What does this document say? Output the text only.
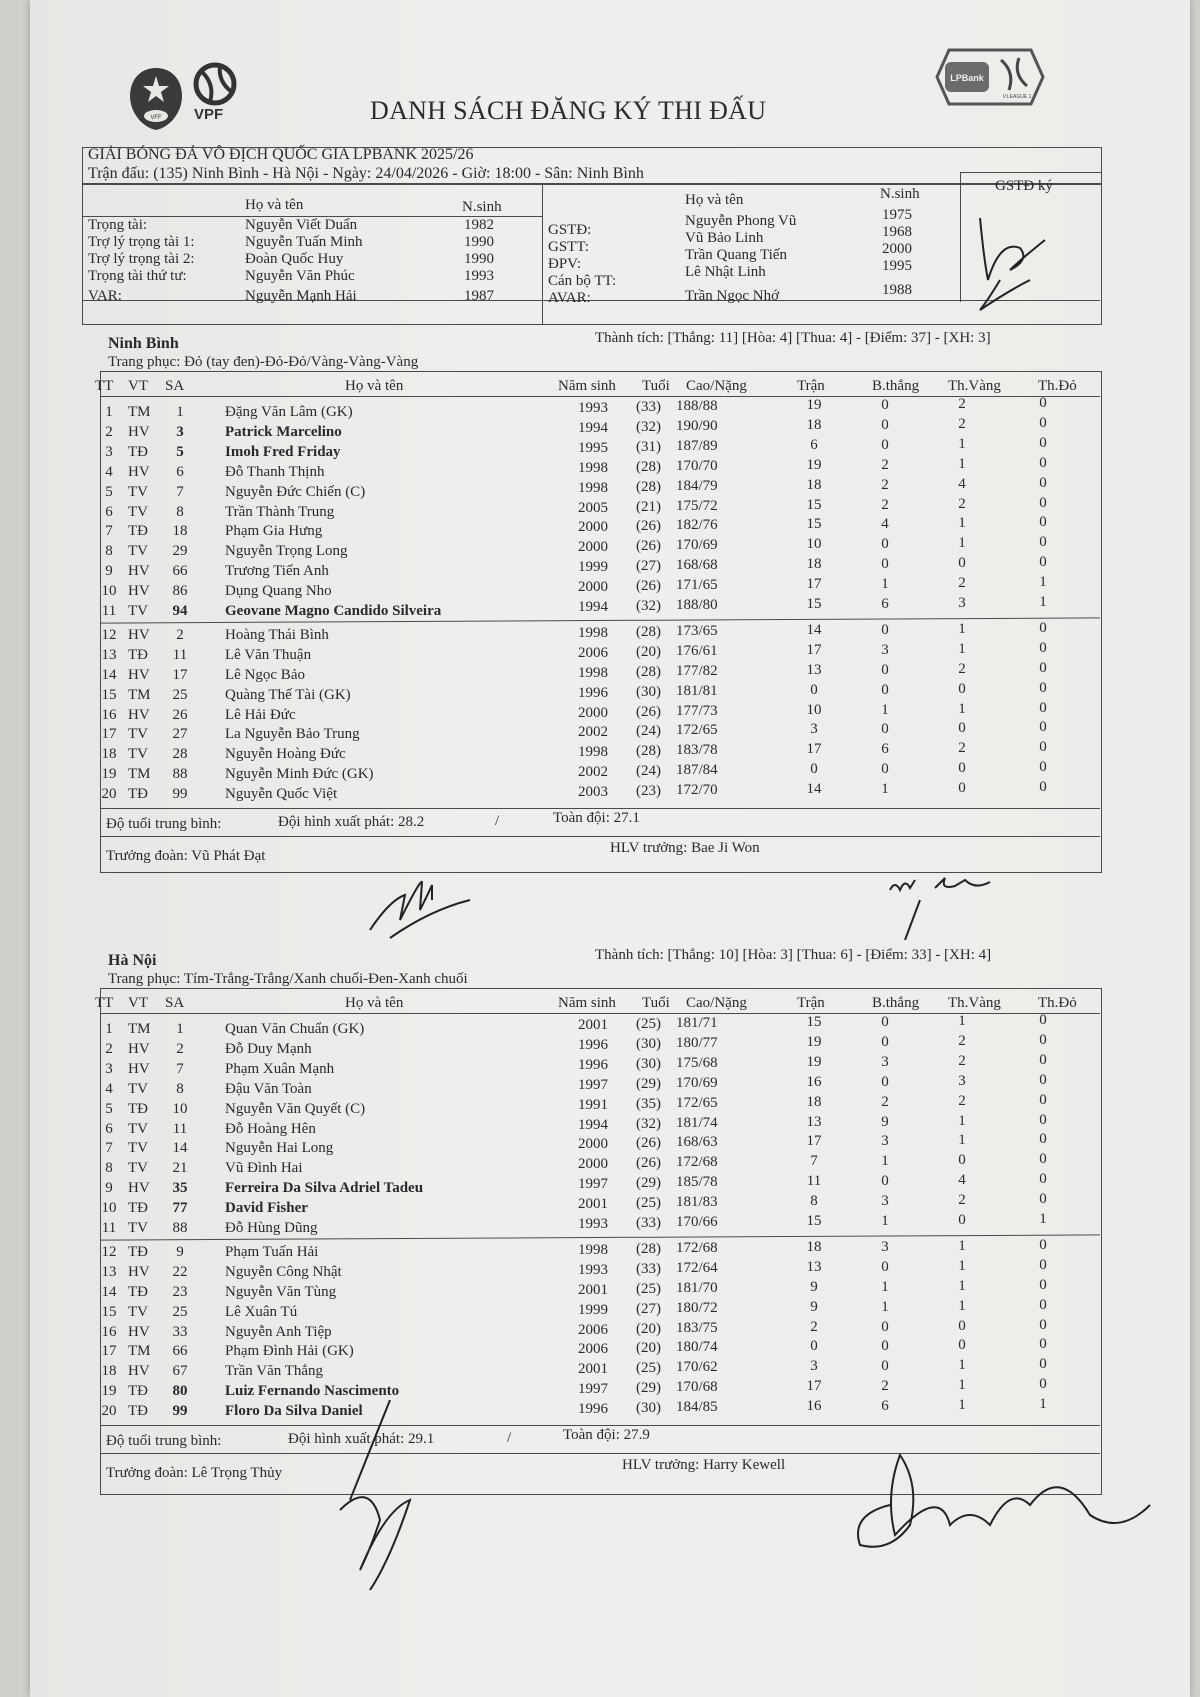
VFF VPF
LPBank
V.LEAGUE 1
DANH SÁCH ĐĂNG KÝ THI ĐẤU
GIẢI BÓNG ĐÁ VÔ ĐỊCH QUỐC GIA LPBANK 2025/26
Trận đấu: (135) Ninh Bình - Hà Nội - Ngày: 24/04/2026 - Giờ: 18:00 - Sân: Ninh Bình
Họ và tên	N.sinh	Họ và tên	N.sinh	GSTĐ ký
Trọng tài:	Nguyễn Viết Duẩn	1982
Trợ lý trọng tài 1:	Nguyễn Tuấn Minh	1990
Trợ lý trọng tài 2:	Đoàn Quốc Huy	1990
Trọng tài thứ tư:	Nguyễn Văn Phúc	1993
VAR:	Nguyễn Mạnh Hải	1987
GSTĐ:
Nguyễn Phong Vũ	1975
GSTT:
Vũ Bảo Linh	1968
ĐPV:
Trần Quang Tiến	2000
Cán bộ TT:
Lê Nhật Linh	1995
AVAR:	Trần Ngọc Nhớ	1988
Ninh Bình	Thành tích: [Thắng: 11] [Hòa: 4] [Thua: 4] - [Điểm: 37] - [XH: 3]
Trang phục: Đỏ (tay đen)-Đỏ-Đỏ/Vàng-Vàng-Vàng
TT VT SA	Họ và tên	Năm sinh Tuổi Cao/Nặng	Trận	B.thắng Th.Vàng Th.Đỏ
1	TM	1	Đặng Văn Lâm (GK)	1993 (33) 188/88	19	0	2	0
2	HV	3	Patrick Marcelino	1994 (32) 190/90	18	0	2	0
3	TĐ	5	Imoh Fred Friday	1995 (31) 187/89	6	0	1	0
4	HV	6	Đỗ Thanh Thịnh	1998 (28) 170/70	19	2	1	0
5	TV	7	Nguyễn Đức Chiến (C)	1998 (28) 184/79	18	2	4	0
6	TV	8	Trần Thành Trung	2005 (21) 175/72	15	2	2	0
7	TĐ	18	Phạm Gia Hưng	2000 (26) 182/76	15	4	1	0
8	TV	29	Nguyễn Trọng Long	2000 (26) 170/69	10	0	1	0
9	HV	66	Trương Tiến Anh	1999 (27) 168/68	18	0	0	0
10 HV	86	Dụng Quang Nho	2000 (26) 171/65	17	1	2	1
11 TV	94	Geovane Magno Candido Silveira	1994 (32) 188/80	15	6	3	1
12 HV	2	Hoàng Thái Bình	1998 (28) 173/65	14	0	1	0
13 TĐ	11	Lê Văn Thuận	2006 (20) 176/61	17	3	1	0
14 HV	17	Lê Ngọc Bảo	1998 (28) 177/82	13	0	2	0
15 TM	25	Quàng Thế Tài (GK)	1996 (30) 181/81	0	0	0	0
16 HV	26	Lê Hải Đức	2000 (26) 177/73	10	1	1	0
17 TV	27	La Nguyễn Bảo Trung	2002 (24) 172/65	3	0	0	0
18 TV	28	Nguyễn Hoàng Đức	1998 (28) 183/78	17	6	2	0
19 TM	88	Nguyễn Minh Đức (GK)	2002 (24) 187/84	0	0	0	0
20 TĐ	99	Nguyễn Quốc Việt	2003 (23) 172/70	14	1	0	0
Độ tuổi trung bình:	Đội hình xuất phát: 28.2	/	Toàn đội: 27.1
Trưởng đoàn: Vũ Phát Đạt	HLV trưởng: Bae Ji Won
Hà Nội	Thành tích: [Thắng: 10] [Hòa: 3] [Thua: 6] - [Điểm: 33] - [XH: 4]
Trang phục: Tím-Trắng-Trắng/Xanh chuối-Đen-Xanh chuối
TT VT SA	Họ và tên	Năm sinh Tuổi Cao/Nặng	Trận	B.thắng Th.Vàng Th.Đỏ
1	TM	1	Quan Văn Chuẩn (GK)	2001 (25) 181/71	15	0	1	0
2	HV	2	Đỗ Duy Mạnh	1996 (30) 180/77	19	0	2	0
3	HV	7	Phạm Xuân Mạnh	1996 (30) 175/68	19	3	2	0
4	TV	8	Đậu Văn Toàn	1997 (29) 170/69	16	0	3	0
5	TĐ	10	Nguyễn Văn Quyết (C)	1991 (35) 172/65	18	2	2	0
6	TV	11	Đỗ Hoàng Hên	1994 (32) 181/74	13	9	1	0
7	TV	14	Nguyễn Hai Long	2000 (26) 168/63	17	3	1	0
8	TV	21	Vũ Đình Hai	2000 (26) 172/68	7	1	0	0
9	HV	35	Ferreira Da Silva Adriel Tadeu	1997 (29) 185/78	11	0	4	0
10 TĐ	77	David Fisher	2001 (25) 181/83	8	3	2	0
11 TV	88	Đỗ Hùng Dũng	1993 (33) 170/66	15	1	0	1
12 TĐ	9	Phạm Tuấn Hải	1998 (28) 172/68	18	3	1	0
13 HV	22	Nguyễn Công Nhật	1993 (33) 172/64	13	0	1	0
14 TĐ	23	Nguyễn Văn Tùng	2001 (25) 181/70	9	1	1	0
15 TV	25	Lê Xuân Tú	1999 (27) 180/72	9	1	1	0
16 HV	33	Nguyễn Anh Tiệp	2006 (20) 183/75	2	0	0	0
17 TM	66	Phạm Đình Hải (GK)	2006 (20) 180/74	0	0	0	0
18 HV	67	Trần Văn Thắng	2001 (25) 170/62	3	0	1	0
19 TĐ	80	Luiz Fernando Nascimento	1997 (29) 170/68	17	2	1	0
20 TĐ	99	Floro Da Silva Daniel	1996 (30) 184/85	16	6	1	1
Độ tuổi trung bình:	Đội hình xuất phát: 29.1	/	Toàn đội: 27.9
Trưởng đoàn: Lê Trọng Thủy	HLV trưởng: Harry Kewell
